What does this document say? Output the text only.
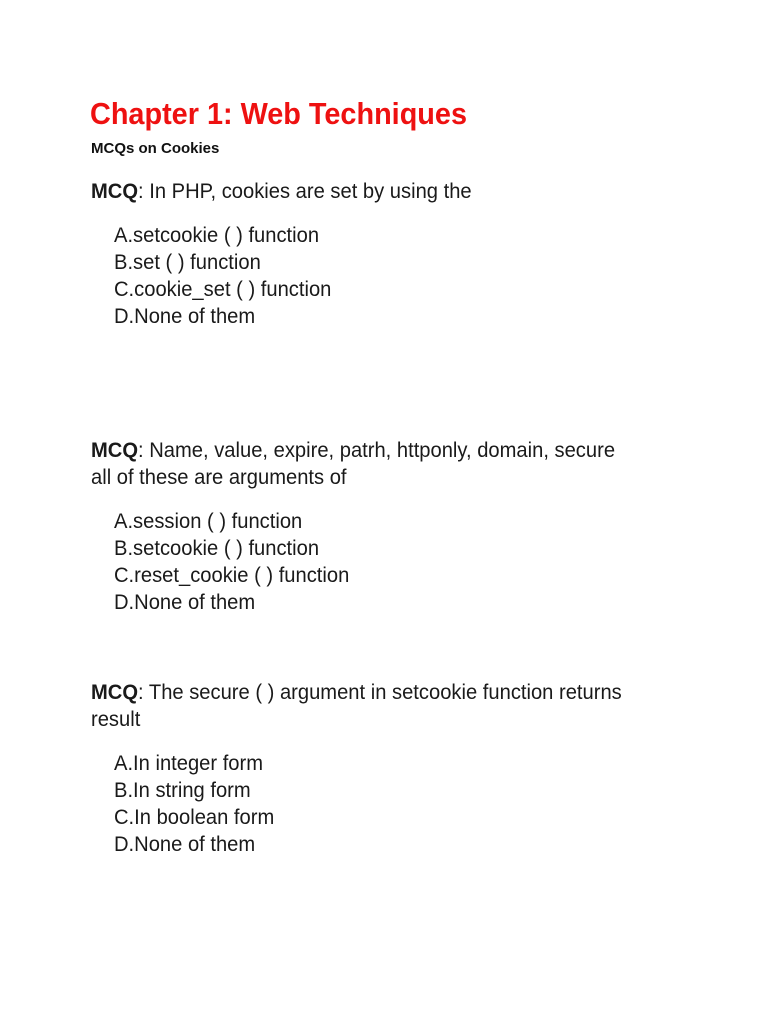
Chapter 1: Web Techniques

MCQs on Cookies

MCQ: In PHP, cookies are set by using the

A.setcookie ( ) function
B.set ( ) function
C.cookie_set ( ) function
D.None of them

MCQ: Name, value, expire, patrh, httponly, domain, secure all of these are arguments of

A.session ( ) function
B.setcookie ( ) function
C.reset_cookie ( ) function
D.None of them

MCQ: The secure ( ) argument in setcookie function returns result

A.In integer form
B.In string form
C.In boolean form
D.None of them
